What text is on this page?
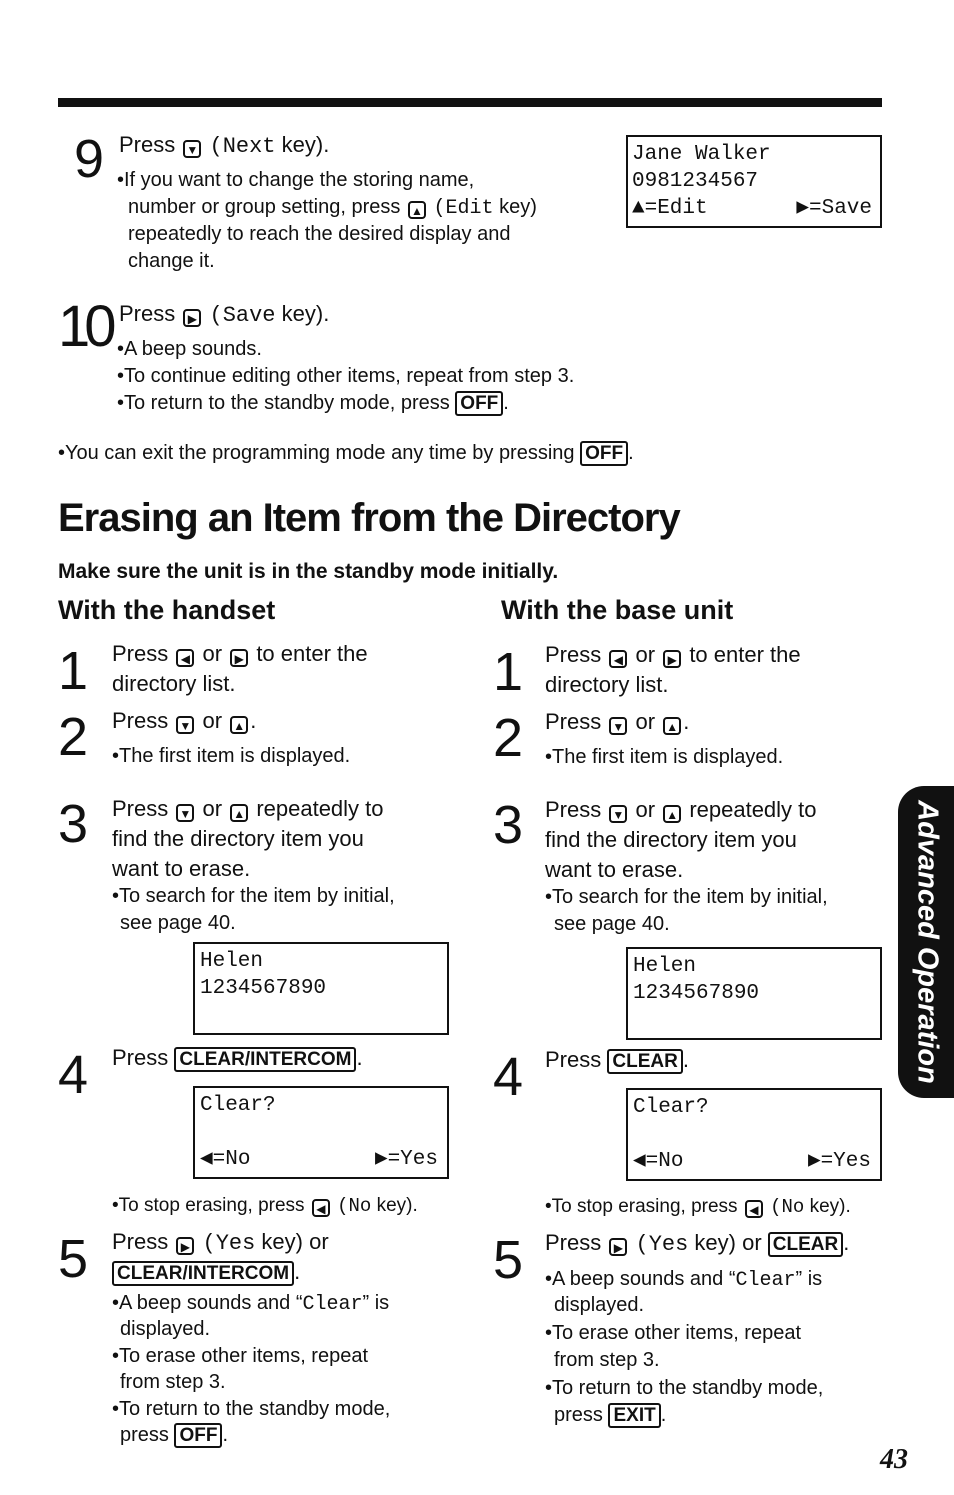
9 Press ▼ (Next key).
•If you want to change the storing name,
number or group setting, press ▲ (Edit key)
repeatedly to reach the desired display and
change it.
Jane Walker
0981234567
▲=Edit	▶=Save
10 Press ▶ (Save key).
•A beep sounds.
•To continue editing other items, repeat from step 3.
•To return to the standby mode, press OFF .
•You can exit the programming mode any time by pressing OFF .
Erasing an Item from the Directory
Make sure the unit is in the standby mode initially.
With the handset
1 Press ◀ or ▶ to enter the
directory list.
2 Press ▼ or ▲ .
•The first item is displayed.
3 Press ▼ or ▲ repeatedly to
find the directory item you
want to erase.
•To search for the item by initial,
see page 40.
Helen
1234567890
4 Press CLEAR/INTERCOM .
Clear?
◀=No	▶=Yes
•To stop erasing, press ◀ (No key).
5 Press ▶ (Yes key) or
CLEAR/INTERCOM .
•A beep sounds and “Clear” is
displayed.
•To erase other items, repeat
from step 3.
•To return to the standby mode,
press OFF .
With the base unit
1 Press ◀ or ▶ to enter the
directory list.
2 Press ▼ or ▲ .
•The first item is displayed.
3 Press ▼ or ▲ repeatedly to
find the directory item you
want to erase.
•To search for the item by initial,
see page 40.
Helen
1234567890
4 Press CLEAR .
Clear?
◀=No	▶=Yes
•To stop erasing, press ◀ (No key).
5 Press ▶ (Yes key) or CLEAR .
•A beep sounds and “Clear” is
displayed.
•To erase other items, repeat
from step 3.
•To return to the standby mode,
press EXIT .
Advanced Operation
43
